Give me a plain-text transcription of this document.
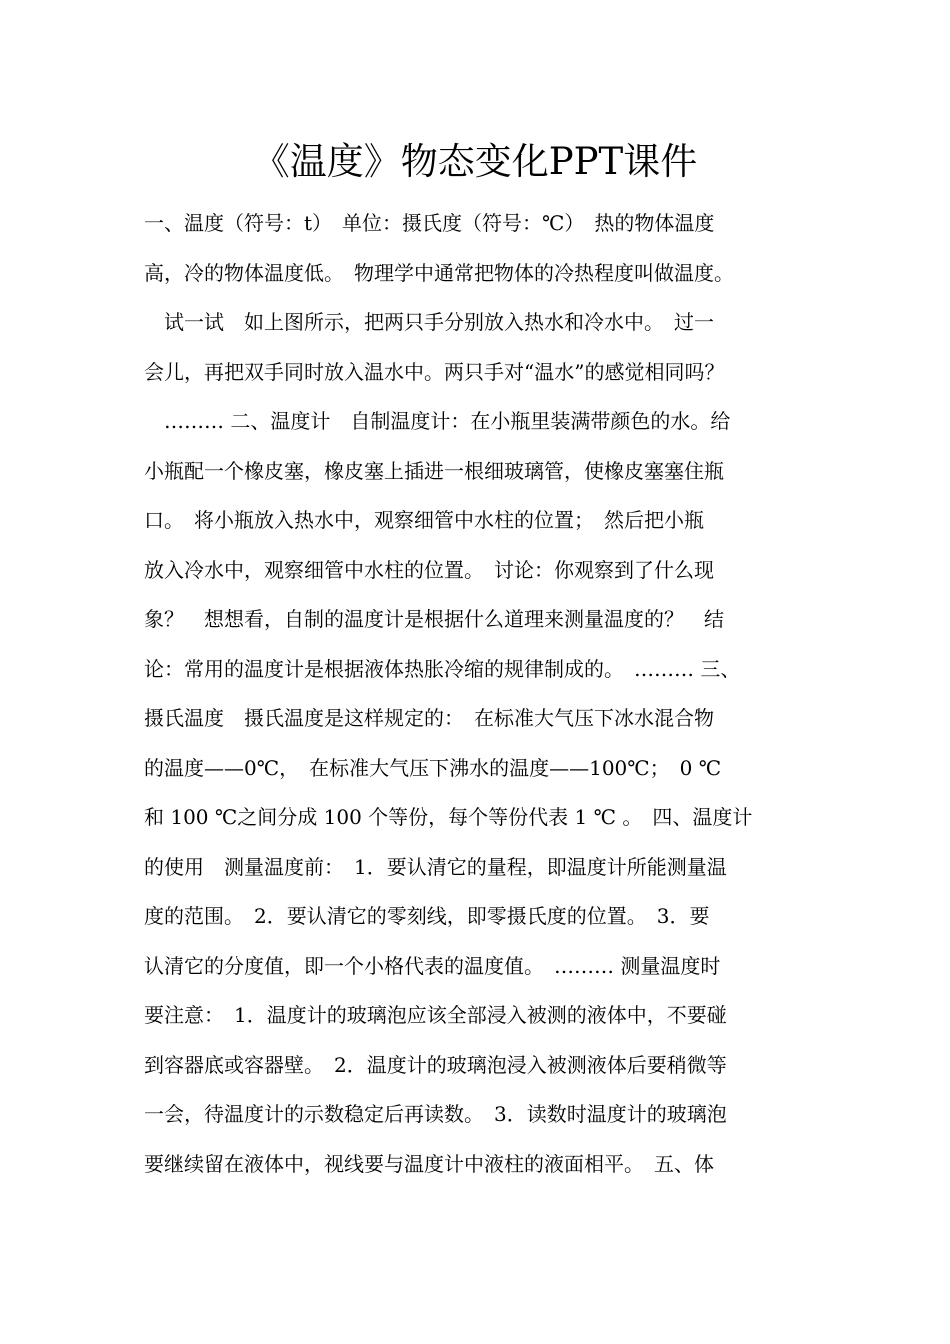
《温度》物态变化PPT课件
一、温度（符号：t）　单位：摄氏度（符号：℃）　热的物体温度
高，冷的物体温度低。　物理学中通常把物体的冷热程度叫做温度。
　试一试　如上图所示，把两只手分别放入热水和冷水中。　过一
会儿，再把双手同时放入温水中。两只手对“温水”的感觉相同吗？
　……… 二、温度计　自制温度计：在小瓶里装满带颜色的水。给
小瓶配一个橡皮塞，橡皮塞上插进一根细玻璃管，使橡皮塞塞住瓶
口。　将小瓶放入热水中，观察细管中水柱的位置；　然后把小瓶
放入冷水中，观察细管中水柱的位置。　讨论：你观察到了什么现
象？　想想看，自制的温度计是根据什么道理来测量温度的？　结
论：常用的温度计是根据液体热胀冷缩的规律制成的。　……… 三、
摄氏温度　摄氏温度是这样规定的：　在标准大气压下冰水混合物
的温度——0℃，　在标准大气压下沸水的温度——100℃；　0 ℃
和 100 ℃之间分成 100 个等份，每个等份代表 1 ℃ 。　四、温度计
的使用　测量温度前：　1．要认清它的量程，即温度计所能测量温
度的范围。　2．要认清它的零刻线，即零摄氏度的位置。　3．要
认清它的分度值，即一个小格代表的温度值。　……… 测量温度时
要注意：　1．温度计的玻璃泡应该全部浸入被测的液体中，不要碰
到容器底或容器壁。　2．温度计的玻璃泡浸入被测液体后要稍微等
一会，待温度计的示数稳定后再读数。　3．读数时温度计的玻璃泡
要继续留在液体中，视线要与温度计中液柱的液面相平。　五、体
